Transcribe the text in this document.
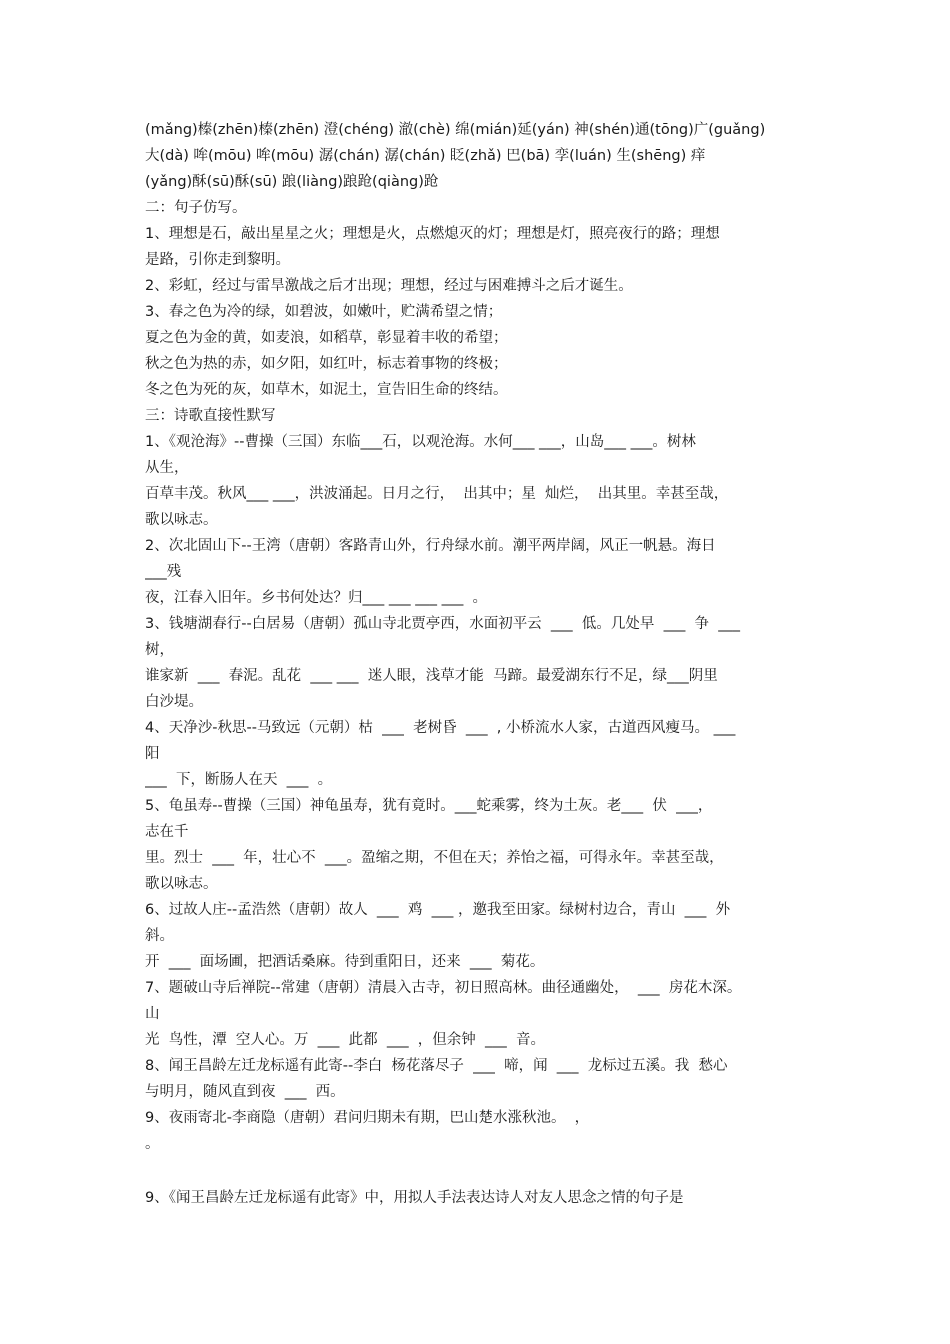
(mǎng)榛(zhēn)榛(zhēn) 澄(chéng) 澈(chè) 绵(mián)延(yán) 神(shén)通(tōng)广(guǎng)
大(dà) 哞(mōu) 哞(mōu) 潺(chán) 潺(chán) 眨(zhǎ) 巴(bā) 孪(luán) 生(shēng) 痒
(yǎng)酥(sū)酥(sū) 踉(liàng)踉跄(qiàng)跄
二：句子仿写。
1、理想是石，敲出星星之火；理想是火，点燃熄灭的灯；理想是灯，照亮夜行的路；理想
是路，引你走到黎明。
2、彩虹，经过与雷旱激战之后才出现；理想，经过与困难搏斗之后才诞生。
3、春之色为冷的绿，如碧波，如嫩叶，贮满希望之情；
夏之色为金的黄，如麦浪，如稻草，彰显着丰收的希望；
秋之色为热的赤，如夕阳，如红叶，标志着事物的终极；
冬之色为死的灰，如草木，如泥土，宣告旧生命的终结。
三：诗歌直接性默写
1、《观沧海》--曹操（三国）东临___石，以观沧海。水何___ ___，山岛___ ___。树林
从生，
百草丰茂。秋风___ ___，洪波涌起。日月之行，  出其中；星  灿烂，  出其里。幸甚至哉，
歌以咏志。
2、次北固山下--王湾（唐朝）客路青山外，行舟绿水前。潮平两岸阔，风正一帆悬。海日
___残
夜，江春入旧年。乡书何处达？归___ ___ ___ ___  。
3、钱塘湖春行--白居易（唐朝）孤山寺北贾亭西，水面初平云  ___  低。几处早  ___  争  ___
树，
谁家新  ___  春泥。乱花  ___ ___  迷人眼，浅草才能  马蹄。最爱湖东行不足，绿___阴里
白沙堤。
4、天净沙-秋思--马致远（元朝）枯  ___  老树昏  ___  , 小桥流水人家，古道西风瘦马。 ___
阳
___  下，断肠人在天  ___  。
5、龟虽寿--曹操（三国）神龟虽寿，犹有竟时。___蛇乘雾，终为土灰。老___  伏  ___，
志在千
里。烈士  ___  年，壮心不  ___。盈缩之期，不但在天；养怡之福，可得永年。幸甚至哉，
歌以咏志。
6、过故人庄--孟浩然（唐朝）故人  ___  鸡  ___ ，邀我至田家。绿树村边合，青山  ___  外
斜。
开  ___  面场圃，把酒话桑麻。待到重阳日，还来  ___  菊花。
7、题破山寺后禅院--常建（唐朝）清晨入古寺，初日照高林。曲径通幽处，  ___  房花木深。
山
光  鸟性，潭  空人心。万  ___  此都  ___  ，但余钟  ___  音。
8、闻王昌龄左迁龙标遥有此寄--李白  杨花落尽子  ___  啼，闻  ___  龙标过五溪。我  愁心
与明月，随风直到夜  ___  西。
9、夜雨寄北-李商隐（唐朝）君问归期未有期，巴山楚水涨秋池。  ，
。
9、《闻王昌龄左迁龙标遥有此寄》中，用拟人手法表达诗人对友人思念之情的句子是
